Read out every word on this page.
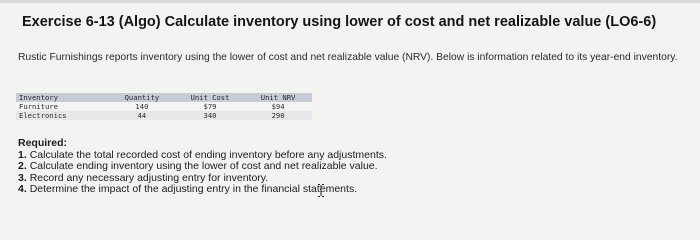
Exercise 6-13 (Algo) Calculate inventory using lower of cost and net realizable value (LO6-6)
Rustic Furnishings reports inventory using the lower of cost and net realizable value (NRV). Below is information related to its year-end inventory.
Inventory	Quantity	Unit Cost	Unit NRV
Furniture	140	$79	$94
Electronics	44	340	290
Required:
1. Calculate the total recorded cost of ending inventory before any adjustments.
2. Calculate ending inventory using the lower of cost and net realizable value.
3. Record any necessary adjusting entry for inventory.
4. Determine the impact of the adjusting entry in the financial statements.
